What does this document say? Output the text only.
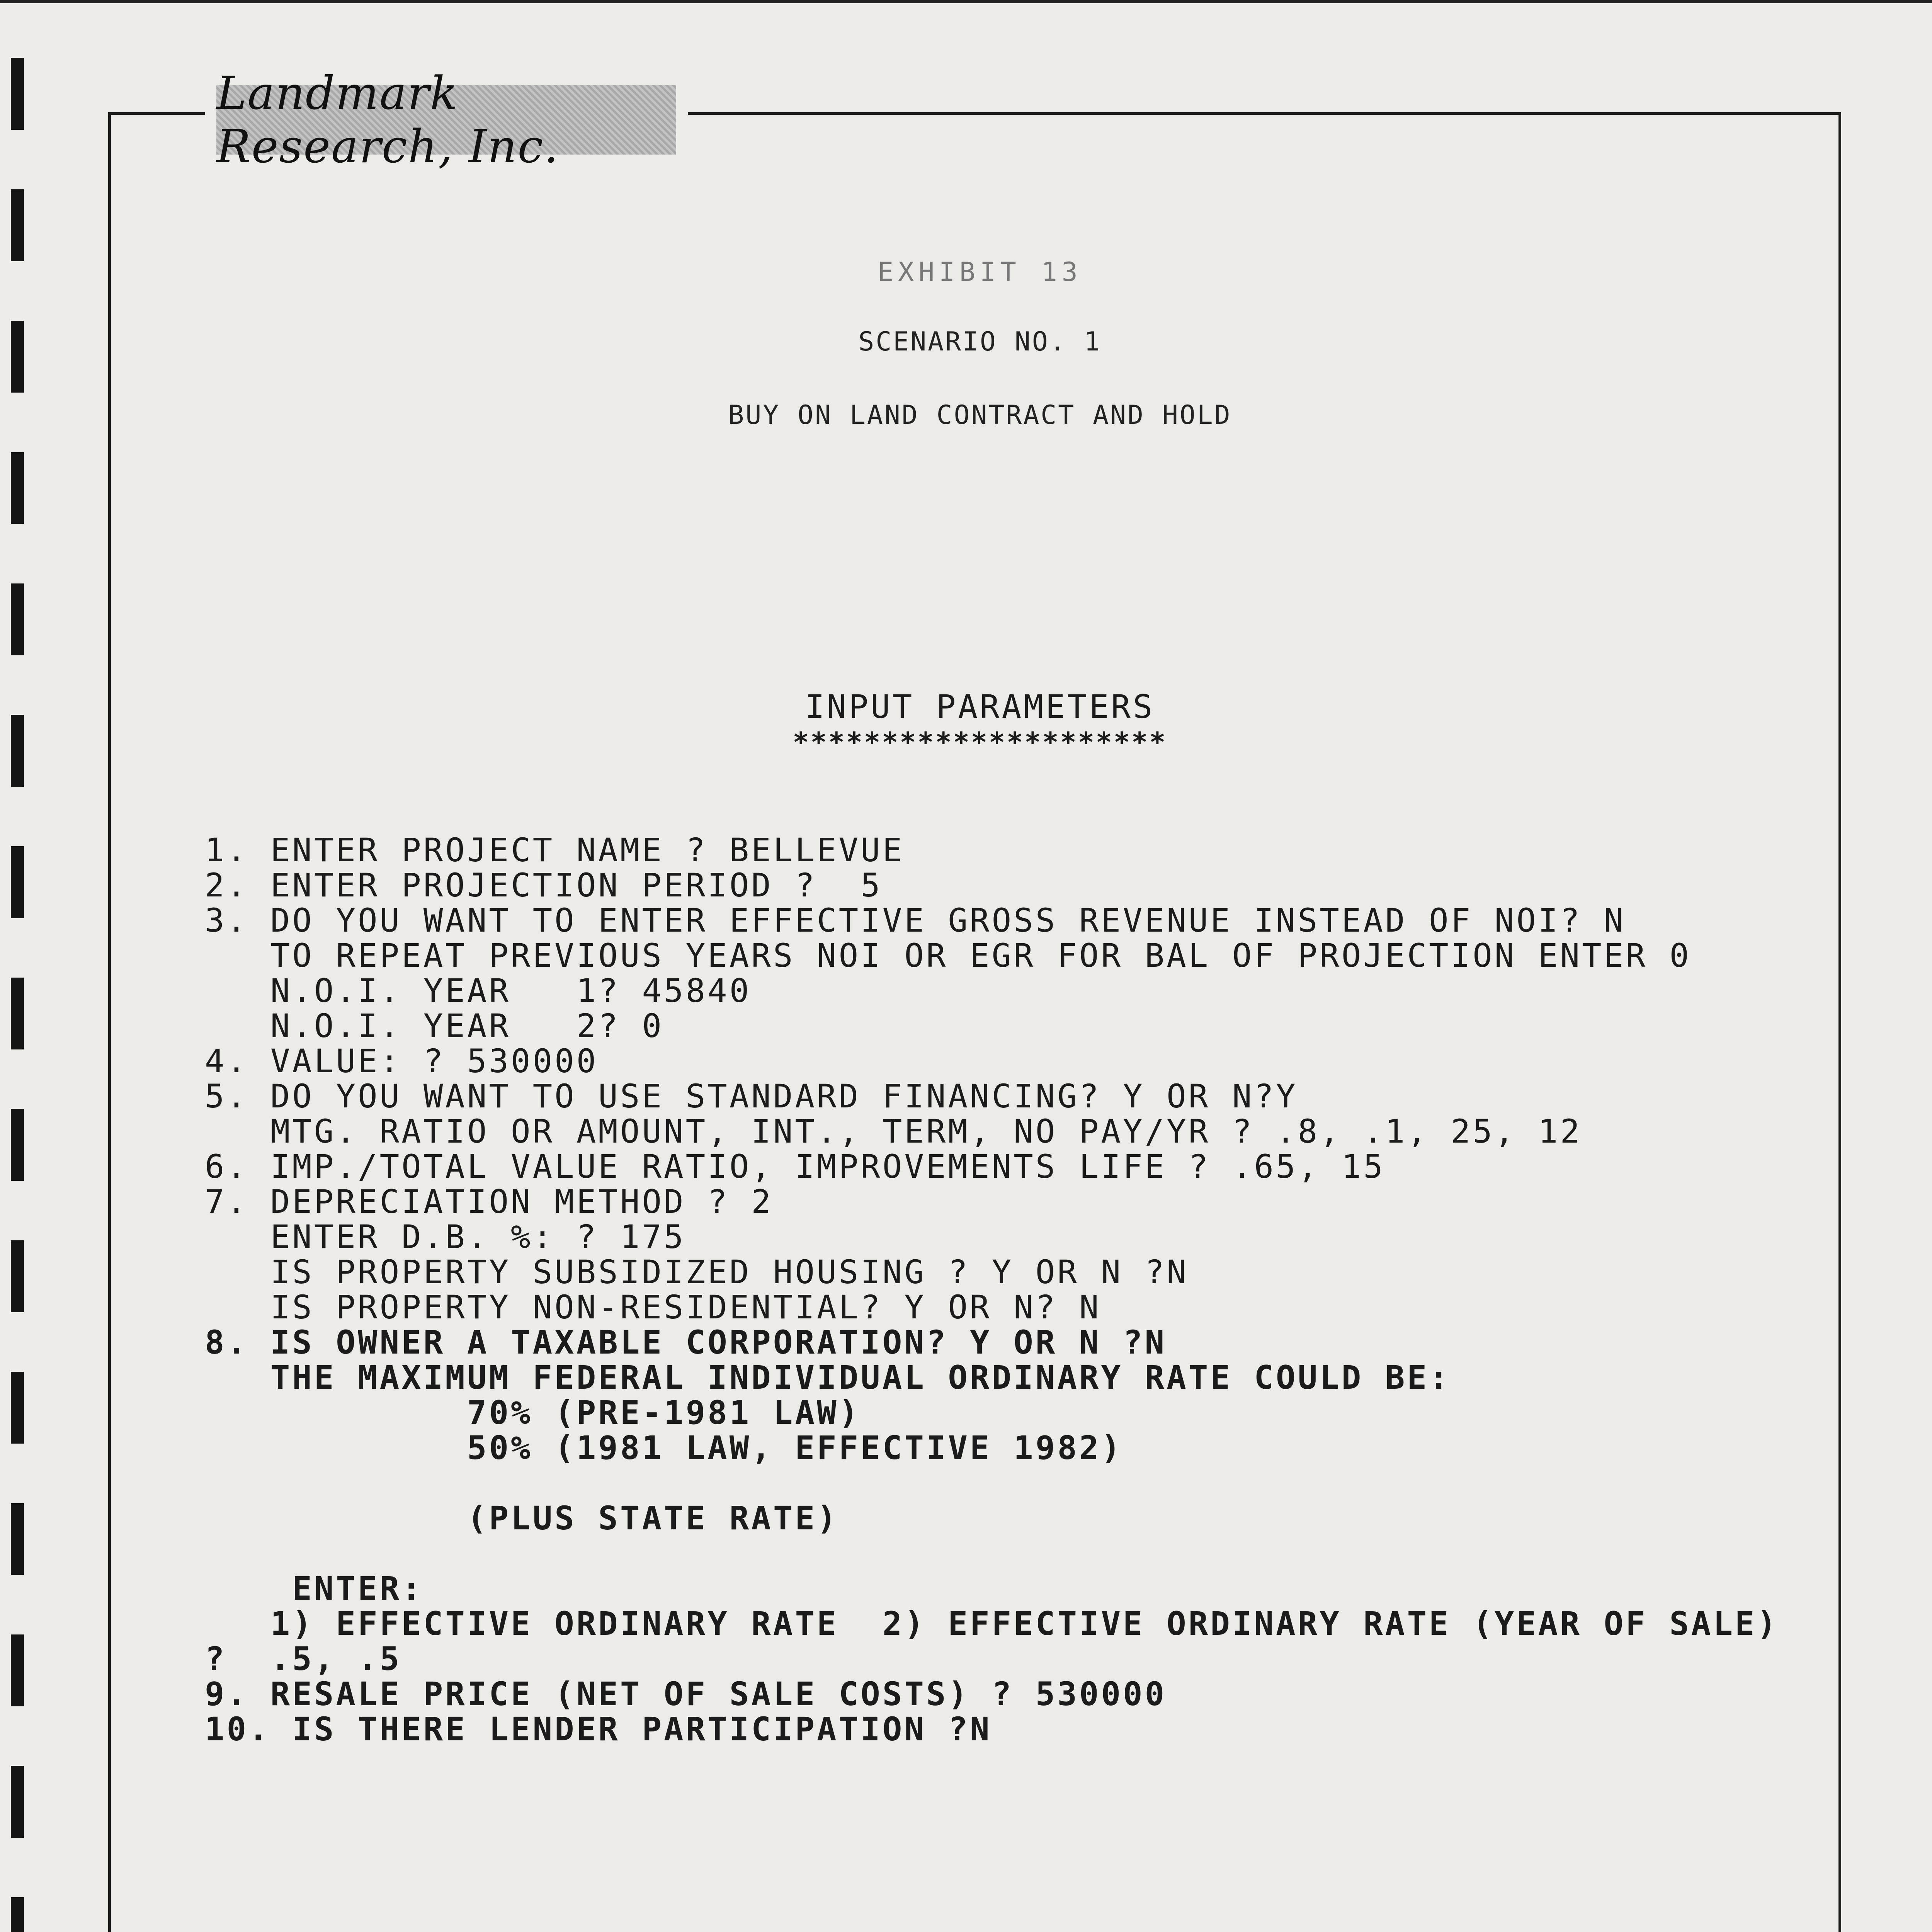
Landmark Research, Inc.
EXHIBIT 13
SCENARIO NO. 1
BUY ON LAND CONTRACT AND HOLD
INPUT PARAMETERS
*********************
1. ENTER PROJECT NAME ? BELLEVUE
2. ENTER PROJECTION PERIOD ?  5
3. DO YOU WANT TO ENTER EFFECTIVE GROSS REVENUE INSTEAD OF NOI? N
TO REPEAT PREVIOUS YEARS NOI OR EGR FOR BAL OF PROJECTION ENTER 0
N.O.I. YEAR   1? 45840
N.O.I. YEAR   2? 0
4. VALUE: ? 530000
5. DO YOU WANT TO USE STANDARD FINANCING? Y OR N?Y
MTG. RATIO OR AMOUNT, INT., TERM, NO PAY/YR ? .8, .1, 25, 12
6. IMP./TOTAL VALUE RATIO, IMPROVEMENTS LIFE ? .65, 15
7. DEPRECIATION METHOD ? 2
ENTER D.B. %: ? 175
IS PROPERTY SUBSIDIZED HOUSING ? Y OR N ?N
IS PROPERTY NON-RESIDENTIAL? Y OR N? N
8. IS OWNER A TAXABLE CORPORATION? Y OR N ?N
THE MAXIMUM FEDERAL INDIVIDUAL ORDINARY RATE COULD BE:
70% (PRE-1981 LAW)
50% (1981 LAW, EFFECTIVE 1982)
(PLUS STATE RATE)
ENTER:
1) EFFECTIVE ORDINARY RATE  2) EFFECTIVE ORDINARY RATE (YEAR OF SALE)
?  .5, .5
9. RESALE PRICE (NET OF SALE COSTS) ? 530000
10. IS THERE LENDER PARTICIPATION ?N
